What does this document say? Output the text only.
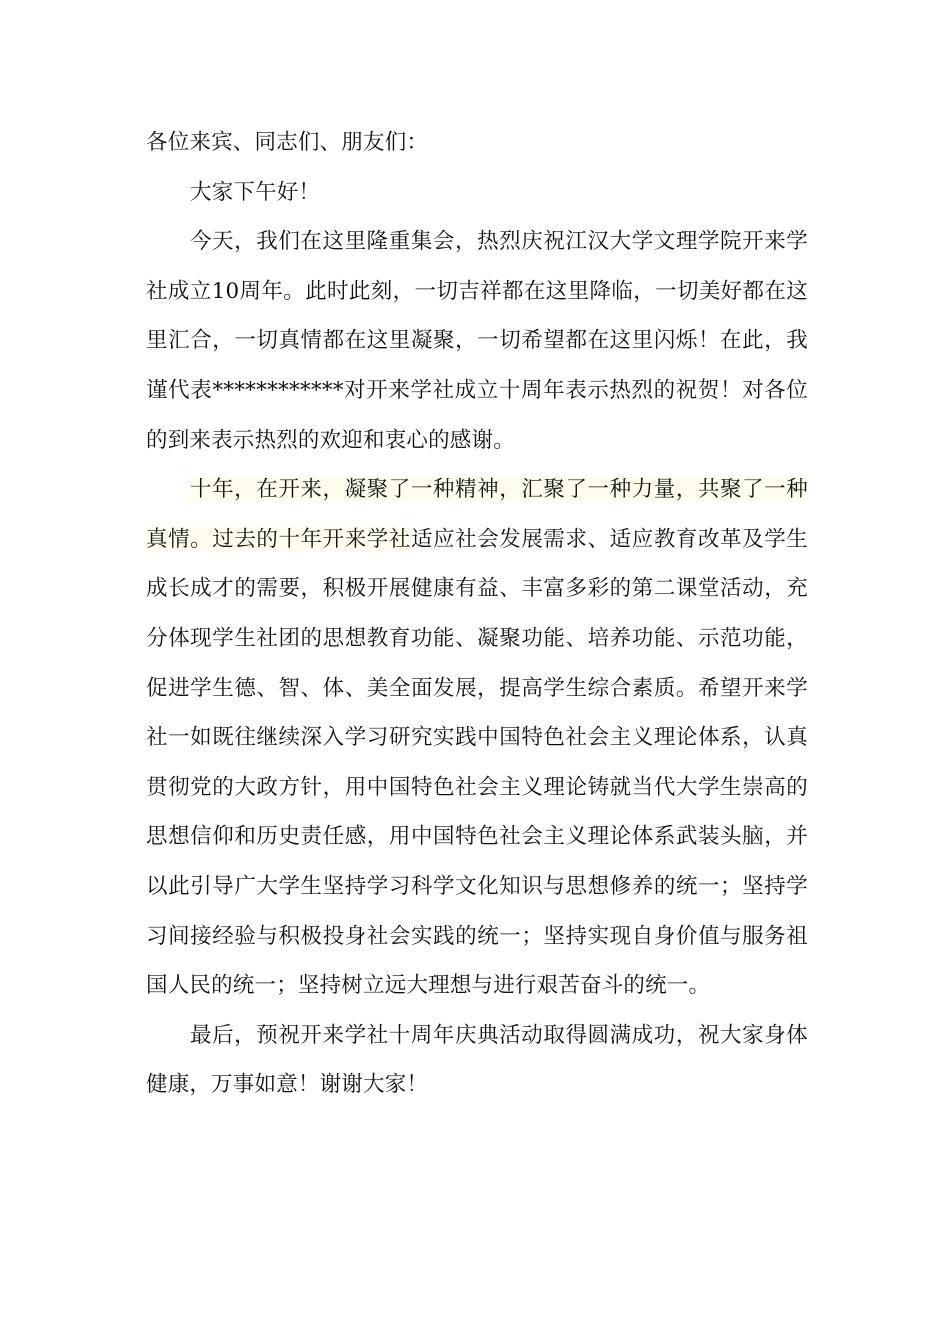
各位来宾、同志们、朋友们：

大家下午好！

今天，我们在这里隆重集会，热烈庆祝江汉大学文理学院开来学社成立10周年。此时此刻，一切吉祥都在这里降临，一切美好都在这里汇合，一切真情都在这里凝聚，一切希望都在这里闪烁！在此，我谨代表************对开来学社成立十周年表示热烈的祝贺！对各位的到来表示热烈的欢迎和衷心的感谢。

十年，在开来，凝聚了一种精神，汇聚了一种力量，共聚了一种真情。过去的十年开来学社适应社会发展需求、适应教育改革及学生成长成才的需要，积极开展健康有益、丰富多彩的第二课堂活动，充分体现学生社团的思想教育功能、凝聚功能、培养功能、示范功能，促进学生德、智、体、美全面发展，提高学生综合素质。希望开来学社一如既往继续深入学习研究实践中国特色社会主义理论体系，认真贯彻党的大政方针，用中国特色社会主义理论铸就当代大学生崇高的思想信仰和历史责任感，用中国特色社会主义理论体系武装头脑，并以此引导广大学生坚持学习科学文化知识与思想修养的统一；坚持学习间接经验与积极投身社会实践的统一；坚持实现自身价值与服务祖国人民的统一；坚持树立远大理想与进行艰苦奋斗的统一。

最后，预祝开来学社十周年庆典活动取得圆满成功，祝大家身体健康，万事如意！谢谢大家！
